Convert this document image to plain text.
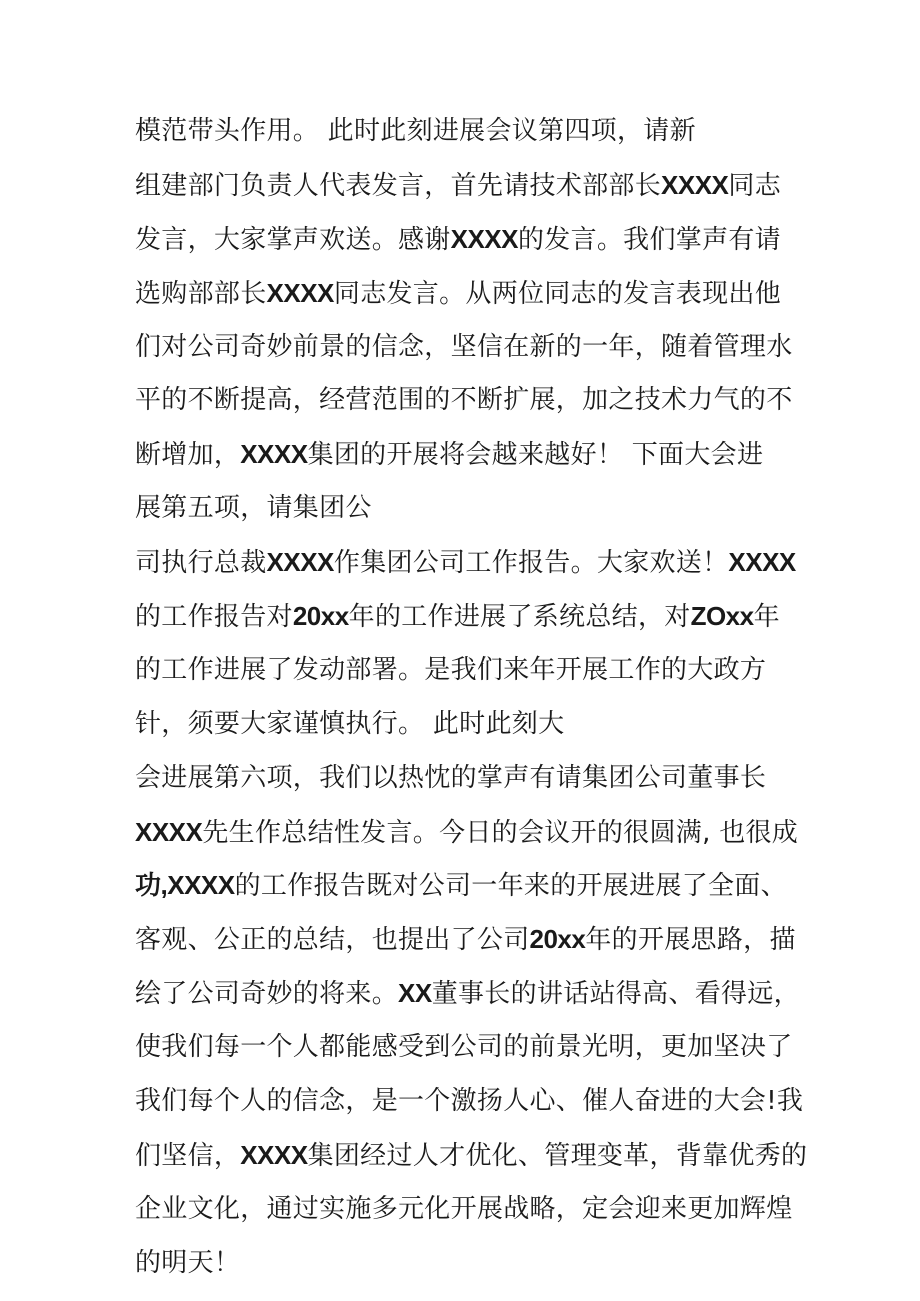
模范带头作用。 此时此刻进展会议第四项，请新
组建部门负责人代表发言，首先请技术部部长XXXX同志
发言，大家掌声欢送。感谢XXXX的发言。我们掌声有请
选购部部长XXXX同志发言。从两位同志的发言表现出他
们对公司奇妙前景的信念，坚信在新的一年，随着管理水
平的不断提高，经营范围的不断扩展，加之技术力气的不
断增加，XXXX集团的开展将会越来越好！ 下面大会进
展第五项，请集团公
司执行总裁XXXX作集团公司工作报告。大家欢送！XXXX
的工作报告对20xx年的工作进展了系统总结，对ZOxx年
的工作进展了发动部署。是我们来年开展工作的大政方
针，须要大家谨慎执行。 此时此刻大
会进展第六项，我们以热忱的掌声有请集团公司董事长
XXXX先生作总结性发言。今日的会议开的很圆满, 也很成
功,XXXX的工作报告既对公司一年来的开展进展了全面、
客观、公正的总结，也提出了公司20xx年的开展思路，描
绘了公司奇妙的将来。XX董事长的讲话站得高、看得远，
使我们每一个人都能感受到公司的前景光明，更加坚决了
我们每个人的信念，是一个激扬人心、催人奋进的大会!我
们坚信，XXXX集团经过人才优化、管理变革，背靠优秀的
企业文化，通过实施多元化开展战略，定会迎来更加辉煌
的明天！
